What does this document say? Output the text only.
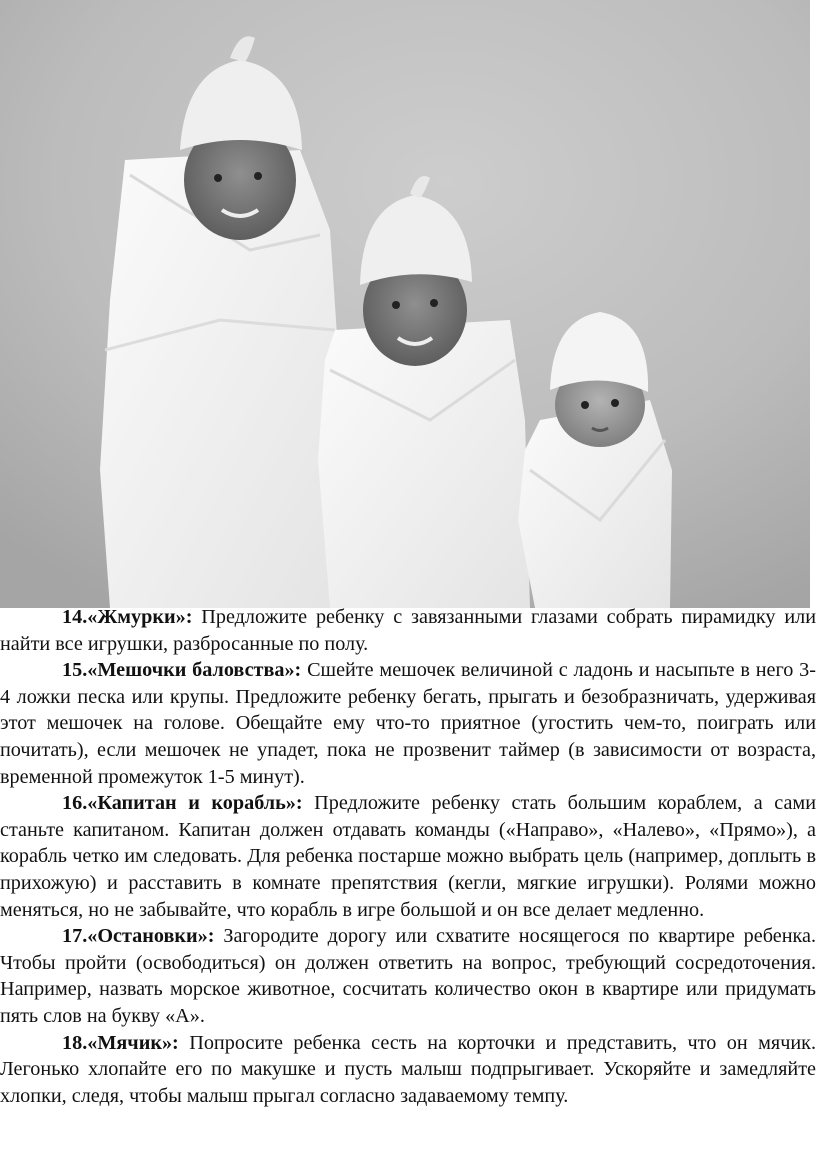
14.«Жмурки»: Предложите ребенку с завязанными глазами собрать пирамидку или найти все игрушки, разбросанные по полу.

15.«Мешочки баловства»: Сшейте мешочек величиной с ладонь и насыпьте в него 3-4 ложки песка или крупы. Предложите ребенку бегать, прыгать и безобразничать, удерживая этот мешочек на голове. Обещайте ему что-то приятное (угостить чем-то, поиграть или почитать), если мешочек не упадет, пока не прозвенит таймер (в зависимости от возраста, временной промежуток 1-5 минут).

16.«Капитан и корабль»: Предложите ребенку стать большим кораблем, а сами станьте капитаном. Капитан должен отдавать команды («Направо», «Налево», «Прямо»), а корабль четко им следовать. Для ребенка постарше можно выбрать цель (например, доплыть в прихожую) и расставить в комнате препятствия (кегли, мягкие игрушки). Ролями можно меняться, но не забывайте, что корабль в игре большой и он все делает медленно.

17.«Остановки»: Загородите дорогу или схватите носящегося по квартире ребенка. Чтобы пройти (освободиться) он должен ответить на вопрос, требующий сосредоточения. Например, назвать морское животное, сосчитать количество окон в квартире или придумать пять слов на букву «А».

18.«Мячик»: Попросите ребенка сесть на корточки и представить, что он мячик. Легонько хлопайте его по макушке и пусть малыш подпрыгивает. Ускоряйте и замедляйте хлопки, следя, чтобы малыш прыгал согласно задаваемому темпу.
